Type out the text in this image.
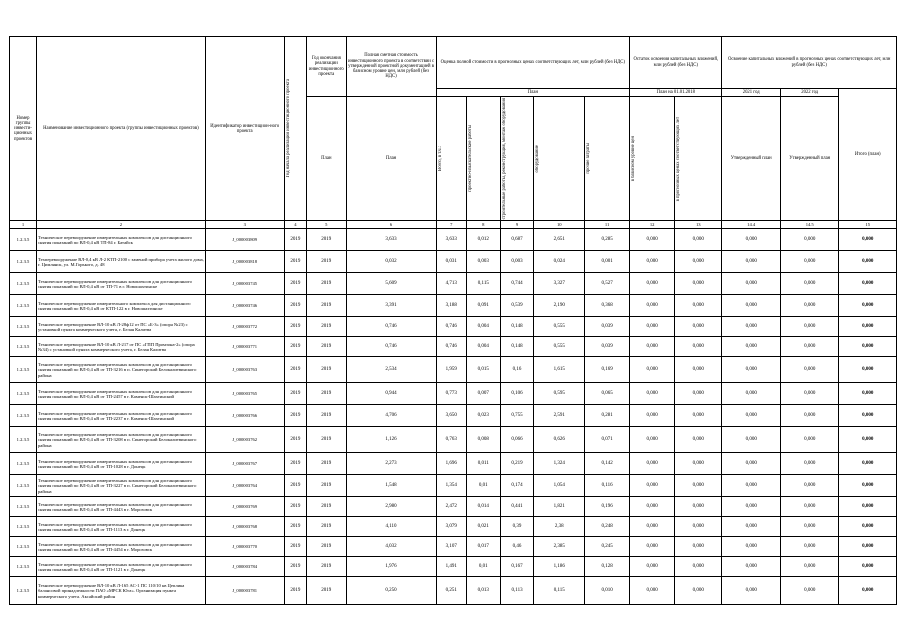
Номер группы инвести-ционных проектов	Наименование инвестиционного проекта (группы инвестиционных проектов)	Идентификатор инвестицион-ного проекта	Год начала реализации инвестиционного проекта	Год окончания реализации инвестиционного проекта	Полная сметная стоимость инвестиционного проекта в соответствии с утвержденной проектной документацией в базисном уровне цен, млн рублей (без НДС)	Оценка полной стоимости в прогнозных ценах соответствующих лет, млн рублей (без НДС)					Остаток освоения капитальных вложений, млн рублей (без НДС)		Освоение капитальных вложений в прогнозных ценах соответствующих лет, млн рублей (без НДС)		
						План					План на 01.01.2018		2021 год	2022 год	Итого (план)
				План	План	Всего, в т.ч.:	проектно-изыскательские работы	строительные работы, реконструкция, монтаж оборудования	оборудование	прочие затраты	в базисном уровне цен	в прогнозных ценах соответствующих лет	Утвержденный план	Утвержденный план	
1	2	3	4	5	6	7	8	9	10	11	12	13	14.4	14.5	15
1.2.3.5	Техническое перевооружение измерительных комплексов для дистанционного снятия показаний по ВЛ-0,4 кВ ТП-84 г. Батайск	J_000003809	2019	2019	3,633	3,633	0,012	0,687	2,651	0,285	0,000	0,000	0,000	0,000	0,000
1.2.3.5	Техперевооружение ВЛ-0,4 кВ Л-2 КТП-2100 с заменой прибора учета жилого дома, г. Цимлянск, ул. М.Горького, д. 48	J_000003818	2019	2019	0,032	0,031	0,003	0,003	0,024	0,001	0,000	0,000	0,000	0,000	0,000
1.2.3.5	Техническое перевооружение измерительных комплексов для дистанционного снятия показаний по ВЛ-0,4 кВ от ТП-71 в г. Новошахтинске	J_000003745	2019	2019	5,609	4,713	0,115	0,744	3,327	0,527	0,000	0,000	0,000	0,000	0,000
1.2.3.5	Техническое перевооружение измерительного комплекса для дистанционного снятия показаний по ВЛ-0,4 кВ от КТП-122 в г. Новошахтинске	J_000003746	2019	2019	3,391	3,188	0,091	0,539	2,190	0,368	0,000	0,000	0,000	0,000	0,000
1.2.3.5	Техническое перевооружение ВЛ-10 кВ Л-28ф12 от ПС «Б-3» (опора №23) с установкой пункта коммерческого учета, г. Белая Калитва	J_000003772	2019	2019	0,746	0,746	0,004	0,148	0,555	0,039	0,000	0,000	0,000	0,000	0,000
1.2.3.5	Техническое перевооружение ВЛ-10 кВ Л-217 от ПС «ГПП Промзона-2» (опора №34) с установкой пункта коммерческого учета, г. Белая Калитва	J_000003771	2019	2019	0,746	0,746	0,004	0,148	0,555	0,039	0,000	0,000	0,000	0,000	0,000
1.2.3.5	Техническое перевооружение измерительных комплексов для дистанционного снятия показаний по ВЛ-0,4 кВ от ТП-3216 в п. Синегорский Белокалитвинского района	J_000003763	2019	2019	2,534	1,959	0,015	0,16	1,615	0,169	0,000	0,000	0,000	0,000	0,000
1.2.3.5	Техническое перевооружение измерительных комплексов для дистанционного снятия показаний по ВЛ-0,4 кВ от ТП-2457 в г. Каменск-Шахтинский	J_000003765	2019	2019	0,944	0,773	0,007	0,106	0,595	0,065	0,000	0,000	0,000	0,000	0,000
1.2.3.5	Техническое перевооружение измерительных комплексов для дистанционного снятия показаний по ВЛ-0,4 кВ от ТП-2237 в г. Каменск-Шахтинский	J_000003766	2019	2019	4,706	3,650	0,023	0,755	2,591	0,281	0,000	0,000	0,000	0,000	0,000
1.2.3.5	Техническое перевооружение измерительных комплексов для дистанционного снятия показаний по ВЛ-0,4 кВ от ТП-3208 в п. Синегорский Белокалитвинского района	J_000003762	2019	2019	1,126	0,763	0,008	0,066	0,626	0,071	0,000	0,000	0,000	0,000	0,000
1.2.3.5	Техническое перевооружение измерительных комплексов для дистанционного снятия показаний по ВЛ-0,4 кВ от ТП-1028 в г. Донецк	J_000003767	2019	2019	2,273	1,696	0,011	0,219	1,324	0,142	0,000	0,000	0,000	0,000	0,000
1.2.3.5	Техническое перевооружение измерительных комплексов для дистанционного снятия показаний по ВЛ-0,4 кВ от ТП-3227 в п. Синегорский Белокалитвинского района	J_000003764	2019	2019	1,548	1,354	0,01	0,174	1,054	0,116	0,000	0,000	0,000	0,000	0,000
1.2.3.5	Техническое перевооружение измерительных комплексов для дистанционного снятия показаний по ВЛ-0,4 кВ от ТП-4443 в г. Морозовск	J_000003769	2019	2019	2,980	2,472	0,014	0,441	1,821	0,196	0,000	0,000	0,000	0,000	0,000
1.2.3.5	Техническое перевооружение измерительных комплексов для дистанционного снятия показаний по ВЛ-0,4 кВ от ТП-1113 в г. Донецк	J_000003768	2019	2019	4,110	3,079	0,021	0,39	2,38	0,248	0,000	0,000	0,000	0,000	0,000
1.2.3.5	Техническое перевооружение измерительных комплексов для дистанционного снятия показаний по ВЛ-0,4 кВ от ТП-4454 в г. Морозовск	J_000003770	2019	2019	4,032	3,107	0,017	0,46	2,385	0,245	0,000	0,000	0,000	0,000	0,000
1.2.3.5	Техническое перевооружение измерительных комплексов для дистанционного снятия показаний по ВЛ-0,4 кВ от ТП-1121 в г. Донецк	J_000003784	2019	2019	1,976	1,491	0,01	0,167	1,186	0,128	0,000	0,000	0,000	0,000	0,000
1.2.3.5	Техническое перевооружение ВЛ-10 кВ Л-165 АС-1 ПС 110/10 кв Цеплика балансовой принадлежности ПАО «МРСК Юга». Организация пункта коммерческого учета. Аксайский район	J_000003781	2019	2019	0,250	0,251	0,013	0,113	0,115	0,010	0,000	0,000	0,000	0,000	0,000
